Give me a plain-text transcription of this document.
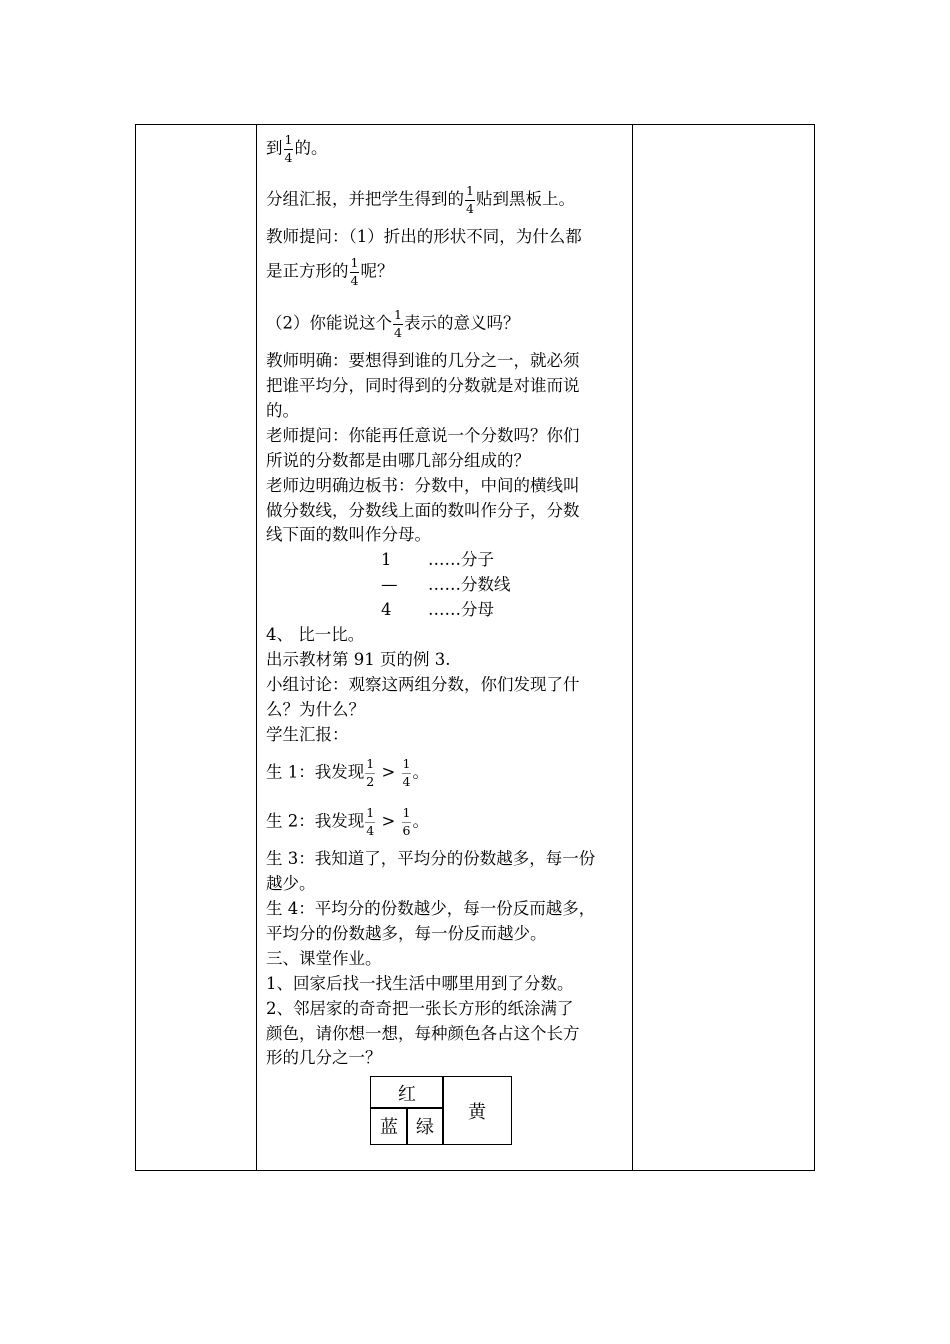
到 $\frac{1}{4}$ 的。
分组汇报，并把学生得到的 $\frac{1}{4}$ 贴到黑板上。
教师提问：（1）折出的形状不同，为什么都
是正方形的 $\frac{1}{4}$ 呢？
（2）你能说这个 $\frac{1}{4}$ 表示的意义吗？
教师明确：要想得到谁的几分之一，就必须
把谁平均分，同时得到的分数就是对谁而说
的。
老师提问：你能再任意说一个分数吗？你们
所说的分数都是由哪几部分组成的？
老师边明确边板书：分数中，中间的横线叫
做分数线，分数线上面的数叫作分子，分数
线下面的数叫作分母。
1 ……分子
— ……分数线
4 ……分母
4、 比一比。
出示教材第 91 页的例 3.
小组讨论：观察这两组分数，你们发现了什
么？为什么？
学生汇报：
生 1：我发现 $\frac{1}{2} > \frac{1}{4}$ 。
生 2：我发现 $\frac{1}{4} > \frac{1}{6}$ 。
生 3：我知道了，平均分的份数越多，每一份
越少。
生 4：平均分的份数越少，每一份反而越多，
平均分的份数越多，每一份反而越少。
三、课堂作业。
1、回家后找一找生活中哪里用到了分数。
2、邻居家的奇奇把一张长方形的纸涂满了
颜色，请你想一想，每种颜色各占这个长方
形的几分之一？
红
蓝 绿
黄
